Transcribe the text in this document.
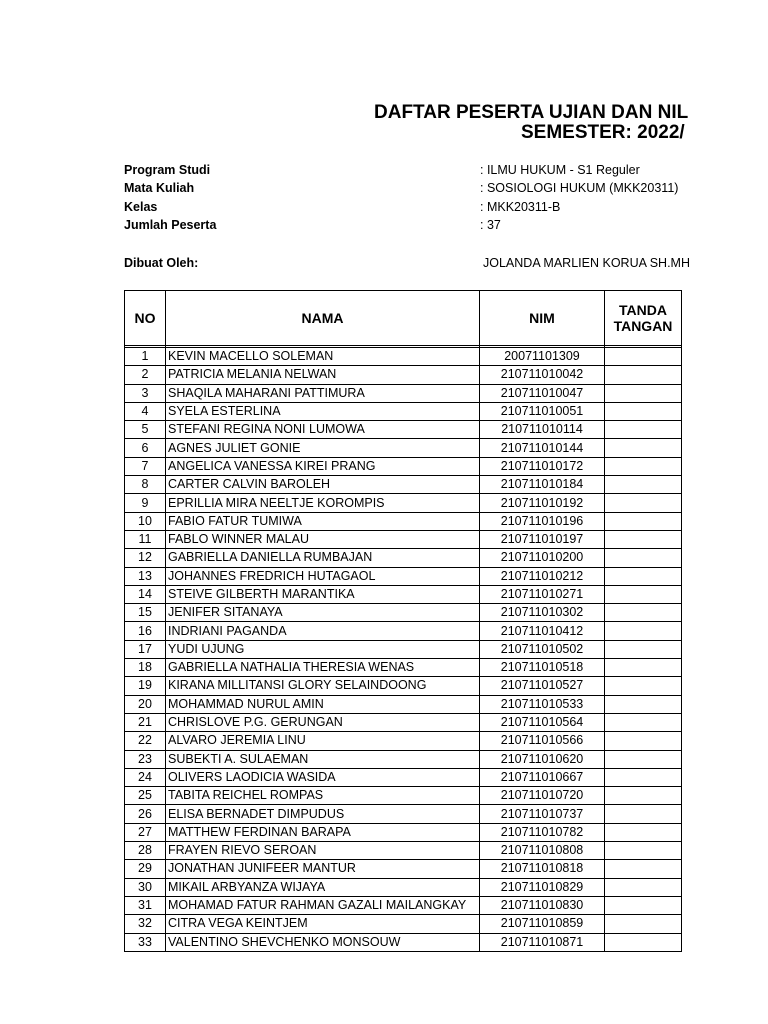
DAFTAR PESERTA UJIAN DAN NIL
SEMESTER: 2022/
Program Studi	: ILMU HUKUM - S1 Reguler
Mata Kuliah	: SOSIOLOGI HUKUM (MKK20311)
Kelas	: MKK20311-B
Jumlah Peserta	: 37
Dibuat Oleh:	JOLANDA MARLIEN KORUA SH.MH
NO	NAMA	NIM	TANDA
TANGAN

1	KEVIN MACELLO SOLEMAN	20071101309	
2	PATRICIA MELANIA NELWAN	210711010042	
3	SHAQILA MAHARANI PATTIMURA	210711010047	
4	SYELA ESTERLINA	210711010051	
5	STEFANI REGINA NONI LUMOWA	210711010114	
6	AGNES JULIET GONIE	210711010144	
7	ANGELICA VANESSA KIREI PRANG	210711010172	
8	CARTER CALVIN BAROLEH	210711010184	
9	EPRILLIA MIRA NEELTJE KOROMPIS	210711010192	
10	FABIO FATUR TUMIWA	210711010196	
11	FABLO WINNER MALAU	210711010197	
12	GABRIELLA DANIELLA RUMBAJAN	210711010200	
13	JOHANNES FREDRICH HUTAGAOL	210711010212	
14	STEIVE GILBERTH MARANTIKA	210711010271	
15	JENIFER SITANAYA	210711010302	
16	INDRIANI PAGANDA	210711010412	
17	YUDI UJUNG	210711010502	
18	GABRIELLA NATHALIA THERESIA WENAS	210711010518	
19	KIRANA MILLITANSI GLORY SELAINDOONG	210711010527	
20	MOHAMMAD NURUL AMIN	210711010533	
21	CHRISLOVE P.G. GERUNGAN	210711010564	
22	ALVARO JEREMIA LINU	210711010566	
23	SUBEKTI A. SULAEMAN	210711010620	
24	OLIVERS LAODICIA WASIDA	210711010667	
25	TABITA REICHEL ROMPAS	210711010720	
26	ELISA BERNADET DIMPUDUS	210711010737	
27	MATTHEW FERDINAN BARAPA	210711010782	
28	FRAYEN RIEVO SEROAN	210711010808	
29	JONATHAN JUNIFEER MANTUR	210711010818	
30	MIKAIL ARBYANZA WIJAYA	210711010829	
31	MOHAMAD FATUR RAHMAN GAZALI MAILANGKAY	210711010830	
32	CITRA VEGA KEINTJEM	210711010859	
33	VALENTINO SHEVCHENKO MONSOUW	210711010871	
